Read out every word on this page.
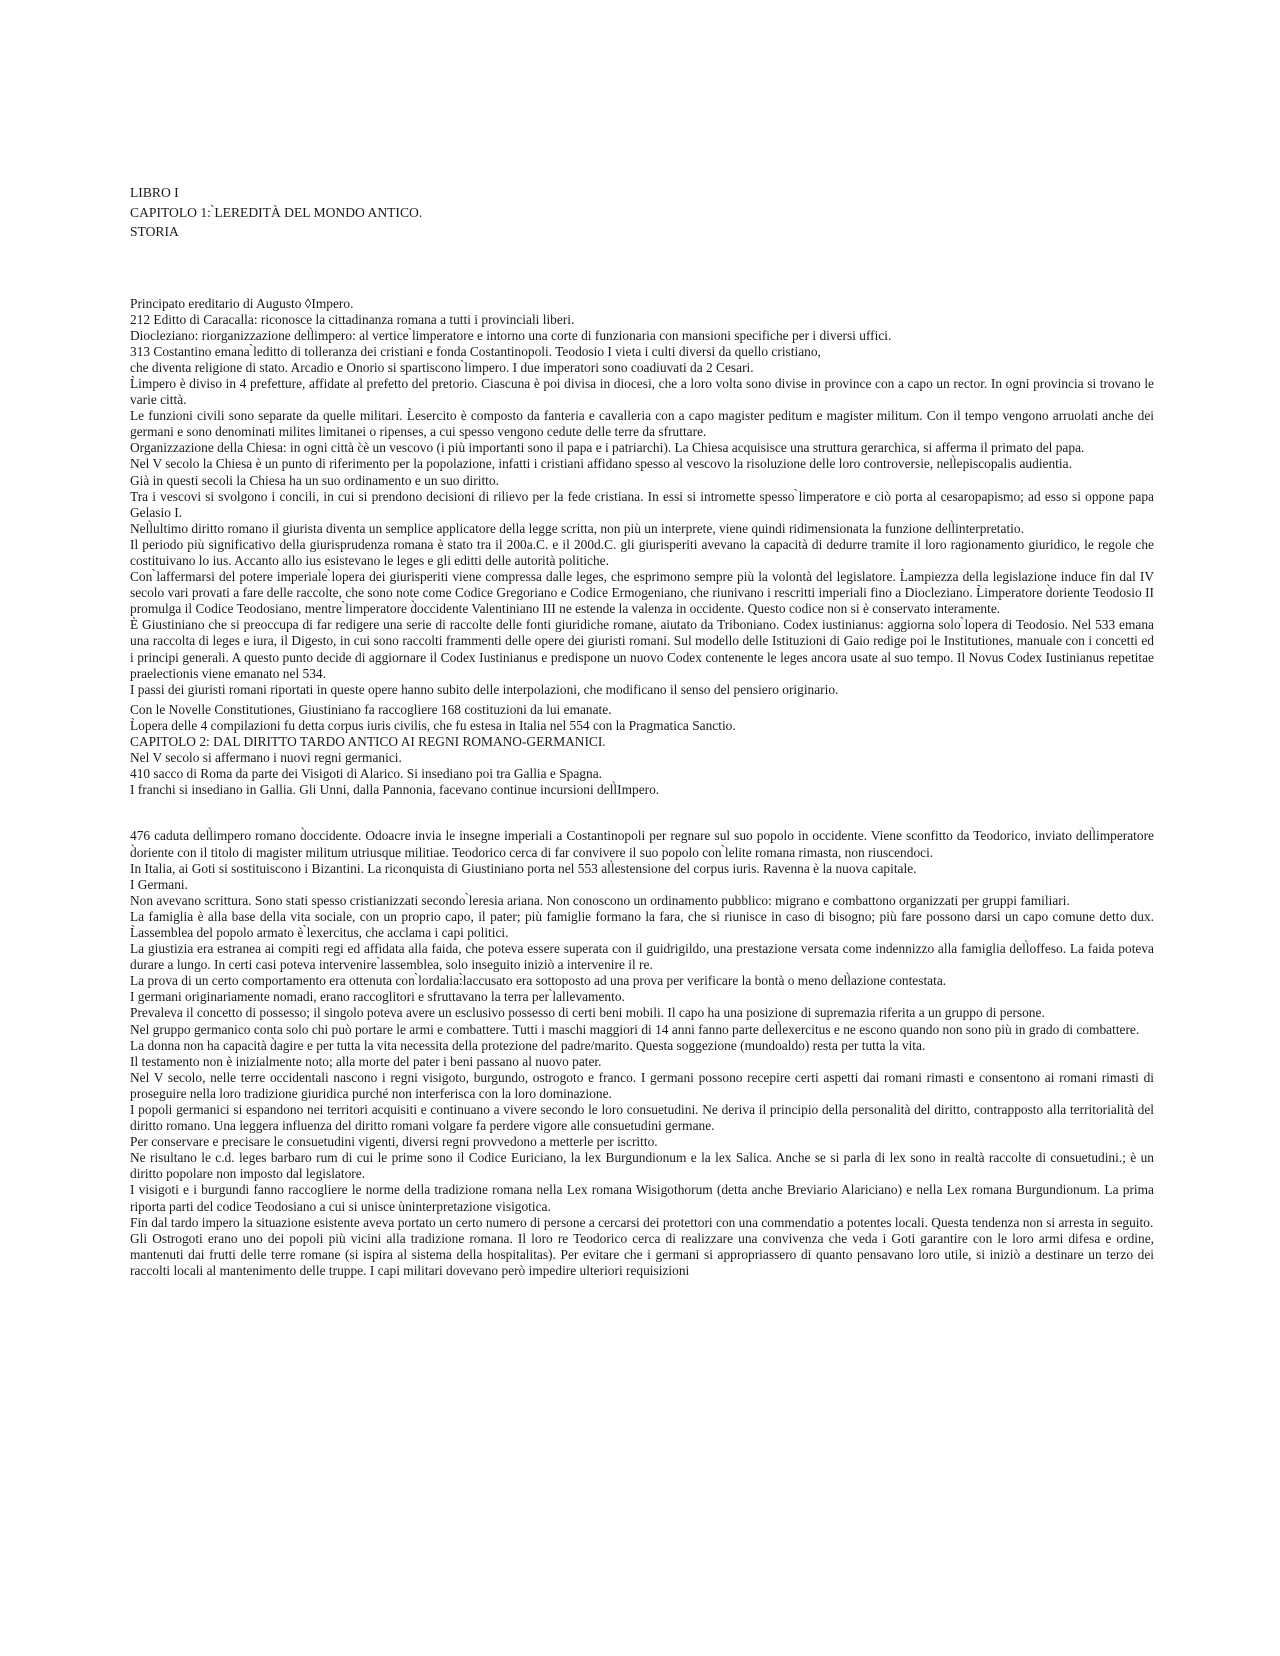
LIBRO I
CAPITOLO 1: ̀LEREDITÀ DEL MONDO ANTICO.
STORIA

Principato ereditario di Augusto ◊Impero.

212 Editto di Caracalla: riconosce la cittadinanza romana a tutti i provinciali liberi.

Diocleziano: riorganizzazione dell̀impero: al vertice ̀limperatore e intorno una corte di funzionaria con mansioni specifiche per i diversi uffici.

313 Costantino emana ̀leditto di tolleranza dei cristiani e fonda Costantinopoli. Teodosio I vieta i culti diversi da quello cristiano,

che diventa religione di stato. Arcadio e Onorio si spartiscono ̀limpero. I due imperatori sono coadiuvati da 2 Cesari.

L̀impero è diviso in 4 prefetture, affidate al prefetto del pretorio. Ciascuna è poi divisa in diocesi, che a loro volta sono divise in province con a capo un rector. In ogni provincia si trovano le varie città.

Le funzioni civili sono separate da quelle militari. L̀esercito è composto da fanteria e cavalleria con a capo magister peditum e magister militum. Con il tempo vengono arruolati anche dei germani e sono denominati milites limitanei o ripenses, a cui spesso vengono cedute delle terre da sfruttare.

Organizzazione della Chiesa: in ogni città c̀è un vescovo (i più importanti sono il papa e i patriarchi). La Chiesa acquisisce una struttura gerarchica, si afferma il primato del papa.

Nel V secolo la Chiesa è un punto di riferimento per la popolazione, infatti i cristiani affidano spesso al vescovo la risoluzione delle loro controversie, nell̀episcopalis audientia.

Già in questi secoli la Chiesa ha un suo ordinamento e un suo diritto.

Tra i vescovi si svolgono i concili, in cui si prendono decisioni di rilievo per la fede cristiana. In essi si intromette spesso ̀limperatore e ciò porta al cesaropapismo; ad esso si oppone papa Gelasio I.

Nell̀ultimo diritto romano il giurista diventa un semplice applicatore della legge scritta, non più un interprete, viene quindi ridimensionata la funzione dell̀interpretatio.

Il periodo più significativo della giurisprudenza romana è stato tra il 200a.C. e il 200d.C. gli giurisperiti avevano la capacità di dedurre tramite il loro ragionamento giuridico, le regole che costituivano lo ius. Accanto allo ius esistevano le leges e gli editti delle autorità politiche.

Con ̀laffermarsi del potere imperiale ̀lopera dei giurisperiti viene compressa dalle leges, che esprimono sempre più la volontà del legislatore. L̀ampiezza della legislazione induce fin dal IV secolo vari provati a fare delle raccolte, che sono note come Codice Gregoriano e Codice Ermogeniano, che riunivano i rescritti imperiali fino a Diocleziano. L̀imperatore d̀oriente Teodosio II promulga il Codice Teodosiano, mentre ̀limperatore d̀occidente Valentiniano III ne estende la valenza in occidente. Questo codice non si è conservato interamente.

È Giustiniano che si preoccupa di far redigere una serie di raccolte delle fonti giuridiche romane, aiutato da Triboniano. Codex iustinianus: aggiorna solo ̀lopera di Teodosio. Nel 533 emana una raccolta di leges e iura, il Digesto, in cui sono raccolti frammenti delle opere dei giuristi romani. Sul modello delle Istituzioni di Gaio redige poi le Institutiones, manuale con i concetti ed i principi generali. A questo punto decide di aggiornare il Codex Iustinianus e predispone un nuovo Codex contenente le leges ancora usate al suo tempo. Il Novus Codex Iustinianus repetitae praelectionis viene emanato nel 534.

I passi dei giuristi romani riportati in queste opere hanno subito delle interpolazioni, che modificano il senso del pensiero originario.

Con le Novelle Constitutiones, Giustiniano fa raccogliere 168 costituzioni da lui emanate.

L̀opera delle 4 compilazioni fu detta corpus iuris civilis, che fu estesa in Italia nel 554 con la Pragmatica Sanctio.

CAPITOLO 2: DAL DIRITTO TARDO ANTICO AI REGNI ROMANO-GERMANICI.

Nel V secolo si affermano i nuovi regni germanici.

410 sacco di Roma da parte dei Visigoti di Alarico. Si insediano poi tra Gallia e Spagna.

I franchi si insediano in Gallia. Gli Unni, dalla Pannonia, facevano continue incursioni dell̀Impero.

476 caduta dell̀impero romano d̀occidente. Odoacre invia le insegne imperiali a Costantinopoli per regnare sul suo popolo in occidente. Viene sconfitto da Teodorico, inviato dell̀imperatore d̀oriente con il titolo di magister militum utriusque militiae. Teodorico cerca di far convivere il suo popolo con ̀lelite romana rimasta, non riuscendoci.

In Italia, ai Goti si sostituiscono i Bizantini. La riconquista di Giustiniano porta nel 553 all̀estensione del corpus iuris. Ravenna è la nuova capitale.

I Germani.

Non avevano scrittura. Sono stati spesso cristianizzati secondo ̀leresia ariana. Non conoscono un ordinamento pubblico: migrano e combattono organizzati per gruppi familiari.

La famiglia è alla base della vita sociale, con un proprio capo, il pater; più famiglie formano la fara, che si riunisce in caso di bisogno; più fare possono darsi un capo comune detto dux. L̀assemblea del popolo armato è ̀lexercitus, che acclama i capi politici.

La giustizia era estranea ai compiti regi ed affidata alla faida, che poteva essere superata con il guidrigildo, una prestazione versata come indennizzo alla famiglia dell̀offeso. La faida poteva durare a lungo. In certi casi poteva intervenire ̀lassemblea, solo inseguito iniziò a intervenire il re.

La prova di un certo comportamento era ottenuta con ̀lordalia:̀laccusato era sottoposto ad una prova per verificare la bontà o meno dell̀azione contestata.

I germani originariamente nomadi, erano raccoglitori e sfruttavano la terra per ̀lallevamento.

Prevaleva il concetto di possesso; il singolo poteva avere un esclusivo possesso di certi beni mobili. Il capo ha una posizione di supremazia riferita a un gruppo di persone.

Nel gruppo germanico conta solo chi può portare le armi e combattere. Tutti i maschi maggiori di 14 anni fanno parte dell̀exercitus e ne escono quando non sono più in grado di combattere.

La donna non ha capacità d̀agire e per tutta la vita necessita della protezione del padre/marito. Questa soggezione (mundoaldo) resta per tutta la vita.

Il testamento non è inizialmente noto; alla morte del pater i beni passano al nuovo pater.

Nel V secolo, nelle terre occidentali nascono i regni visigoto, burgundo, ostrogoto e franco. I germani possono recepire certi aspetti dai romani rimasti e consentono ai romani rimasti di proseguire nella loro tradizione giuridica purché non interferisca con la loro dominazione.

I popoli germanici si espandono nei territori acquisiti e continuano a vivere secondo le loro consuetudini. Ne deriva il principio della personalità del diritto, contrapposto alla territorialità del diritto romano. Una leggera influenza del diritto romani volgare fa perdere vigore alle consuetudini germane.

Per conservare e precisare le consuetudini vigenti, diversi regni provvedono a metterle per iscritto.

Ne risultano le c.d. leges barbaro rum di cui le prime sono il Codice Euriciano, la lex Burgundionum e la lex Salica. Anche se si parla di lex sono in realtà raccolte di consuetudini.; è un diritto popolare non imposto dal legislatore.

I visigoti e i burgundi fanno raccogliere le norme della tradizione romana nella Lex romana Wisigothorum (detta anche Breviario Alariciano) e nella Lex romana Burgundionum. La prima riporta parti del codice Teodosiano a cui si unisce ùninterpretazione visigotica.

Fin dal tardo impero la situazione esistente aveva portato un certo numero di persone a cercarsi dei protettori con una commendatio a potentes locali. Questa tendenza non si arresta in seguito.

Gli Ostrogoti erano uno dei popoli più vicini alla tradizione romana. Il loro re Teodorico cerca di realizzare una convivenza che veda i Goti garantire con le loro armi difesa e ordine, mantenuti dai frutti delle terre romane (si ispira al sistema della hospitalitas). Per evitare che i germani si appropriassero di quanto pensavano loro utile, si iniziò a destinare un terzo dei raccolti locali al mantenimento delle truppe. I capi militari dovevano però impedire ulteriori requisizioni
